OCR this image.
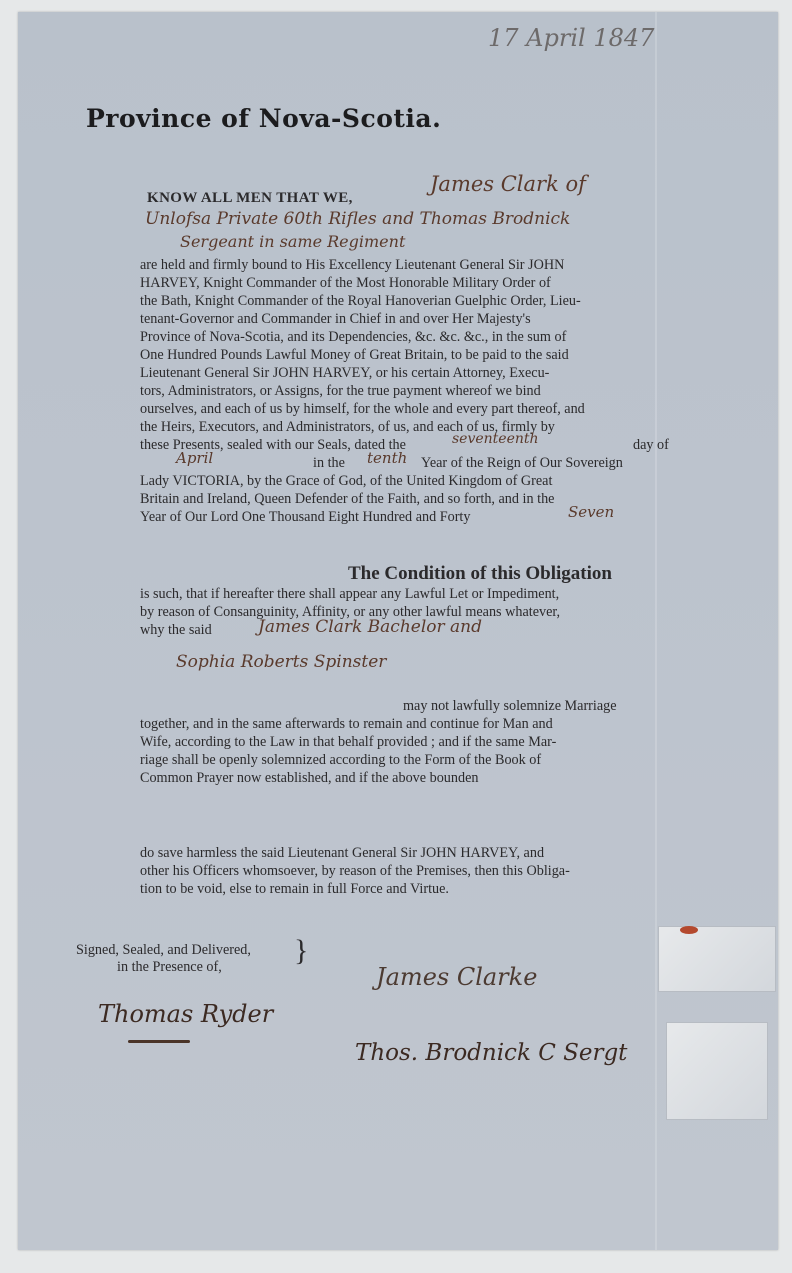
17 April 1847
Province of Nova-Scotia.
KNOW ALL MEN THAT WE,
James Clark of
Unlofsa Private 60th Rifles and Thomas Brodnick
Sergeant in same Regiment
are held and firmly bound to His Excellency Lieutenant General Sir JOHN
HARVEY, Knight Commander of the Most Honorable Military Order of
the Bath, Knight Commander of the Royal Hanoverian Guelphic Order, Lieu-
tenant-Governor and Commander in Chief in and over Her Majesty's
Province of Nova-Scotia, and its Dependencies, &c. &c. &c., in the sum of
One Hundred Pounds Lawful Money of Great Britain, to be paid to the said
Lieutenant General Sir JOHN HARVEY, or his certain Attorney, Execu-
tors, Administrators, or Assigns, for the true payment whereof we bind
ourselves, and each of us by himself, for the whole and every part thereof, and
the Heirs, Executors, and Administrators, of us, and each of us, firmly by
these Presents, sealed with our Seals, dated the	seventeenth	day of
April	in the tenth Year of the Reign of Our Sovereign
Lady VICTORIA, by the Grace of God, of the United Kingdom of Great
Britain and Ireland, Queen Defender of the Faith, and so forth, and in the
Year of Our Lord One Thousand Eight Hundred and Forty	Seven
The Condition of this Obligation
is such, that if hereafter there shall appear any Lawful Let or Impediment,
by reason of Consanguinity, Affinity, or any other lawful means whatever,
why the said	James Clark Bachelor and
Sophia Roberts Spinster
may not lawfully solemnize Marriage
together, and in the same afterwards to remain and continue for Man and
Wife, according to the Law in that behalf provided ; and if the same Mar-
riage shall be openly solemnized according to the Form of the Book of
Common Prayer now established, and if the above bounden
do save harmless the said Lieutenant General Sir JOHN HARVEY, and
other his Officers whomsoever, by reason of the Premises, then this Obliga-
tion to be void, else to remain in full Force and Virtue.
Signed, Sealed, and Delivered,
in the Presence of, }
Thomas Ryder
James Clarke
Thos. Brodnick C Sergt
